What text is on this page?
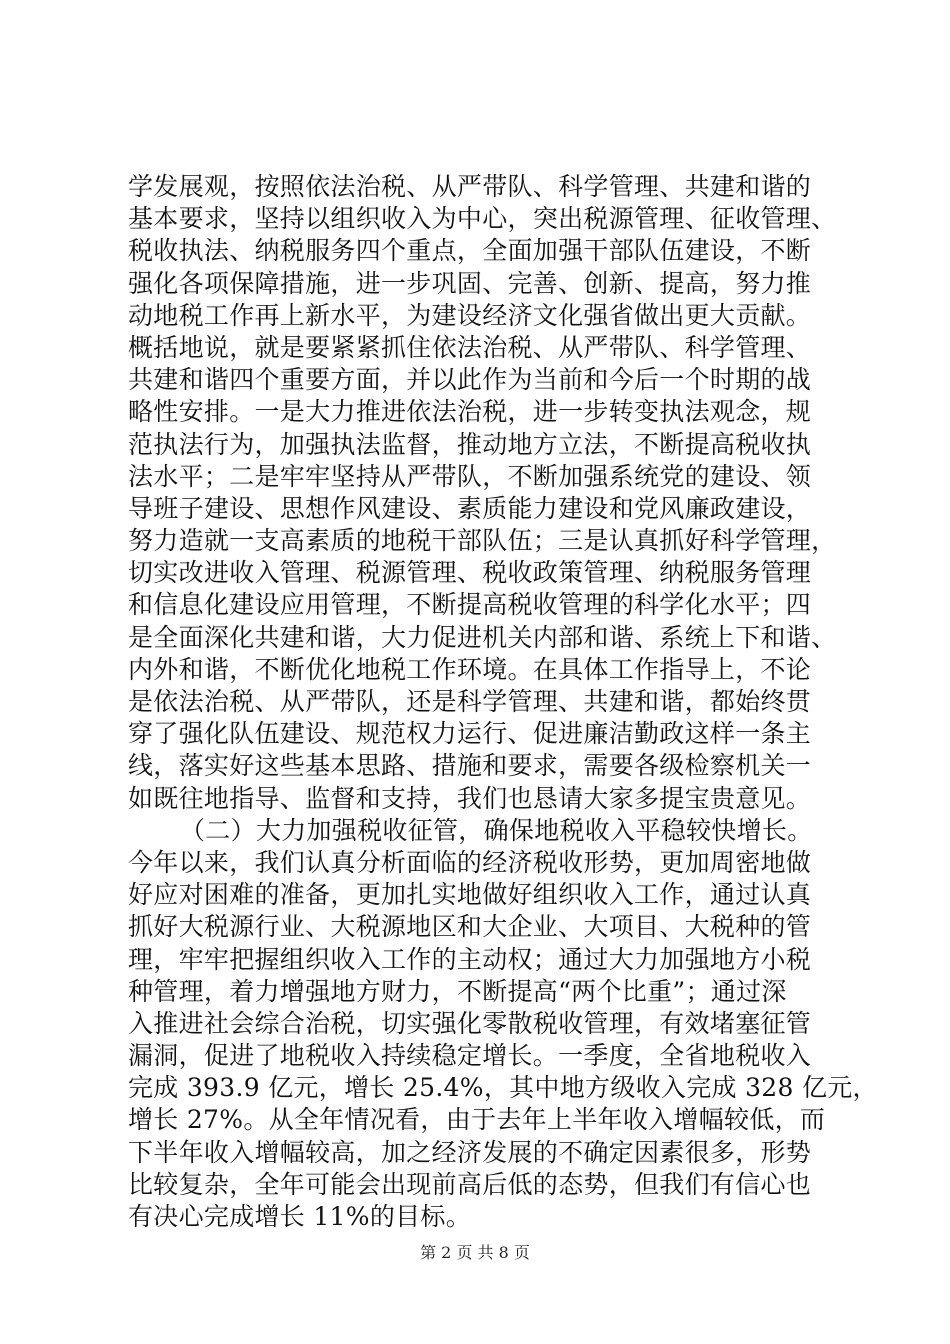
学发展观，按照依法治税、从严带队、科学管理、共建和谐的
基本要求，坚持以组织收入为中心，突出税源管理、征收管理、
税收执法、纳税服务四个重点，全面加强干部队伍建设，不断
强化各项保障措施，进一步巩固、完善、创新、提高，努力推
动地税工作再上新水平，为建设经济文化强省做出更大贡献。
概括地说，就是要紧紧抓住依法治税、从严带队、科学管理、
共建和谐四个重要方面，并以此作为当前和今后一个时期的战
略性安排。一是大力推进依法治税，进一步转变执法观念，规
范执法行为，加强执法监督，推动地方立法，不断提高税收执
法水平；二是牢牢坚持从严带队，不断加强系统党的建设、领
导班子建设、思想作风建设、素质能力建设和党风廉政建设，
努力造就一支高素质的地税干部队伍；三是认真抓好科学管理，
切实改进收入管理、税源管理、税收政策管理、纳税服务管理
和信息化建设应用管理，不断提高税收管理的科学化水平；四
是全面深化共建和谐，大力促进机关内部和谐、系统上下和谐、
内外和谐，不断优化地税工作环境。在具体工作指导上，不论
是依法治税、从严带队，还是科学管理、共建和谐，都始终贯
穿了强化队伍建设、规范权力运行、促进廉洁勤政这样一条主
线，落实好这些基本思路、措施和要求，需要各级检察机关一
如既往地指导、监督和支持，我们也恳请大家多提宝贵意见。
（二）大力加强税收征管，确保地税收入平稳较快增长。
今年以来，我们认真分析面临的经济税收形势，更加周密地做
好应对困难的准备，更加扎实地做好组织收入工作，通过认真
抓好大税源行业、大税源地区和大企业、大项目、大税种的管
理，牢牢把握组织收入工作的主动权；通过大力加强地方小税
种管理，着力增强地方财力，不断提高“两个比重”；通过深
入推进社会综合治税，切实强化零散税收管理，有效堵塞征管
漏洞，促进了地税收入持续稳定增长。一季度，全省地税收入
完成 393.9 亿元，增长 25.4%，其中地方级收入完成 328 亿元，
增长 27%。从全年情况看，由于去年上半年收入增幅较低，而
下半年收入增幅较高，加之经济发展的不确定因素很多，形势
比较复杂，全年可能会出现前高后低的态势，但我们有信心也
有决心完成增长 11%的目标。
第 2 页 共 8 页
